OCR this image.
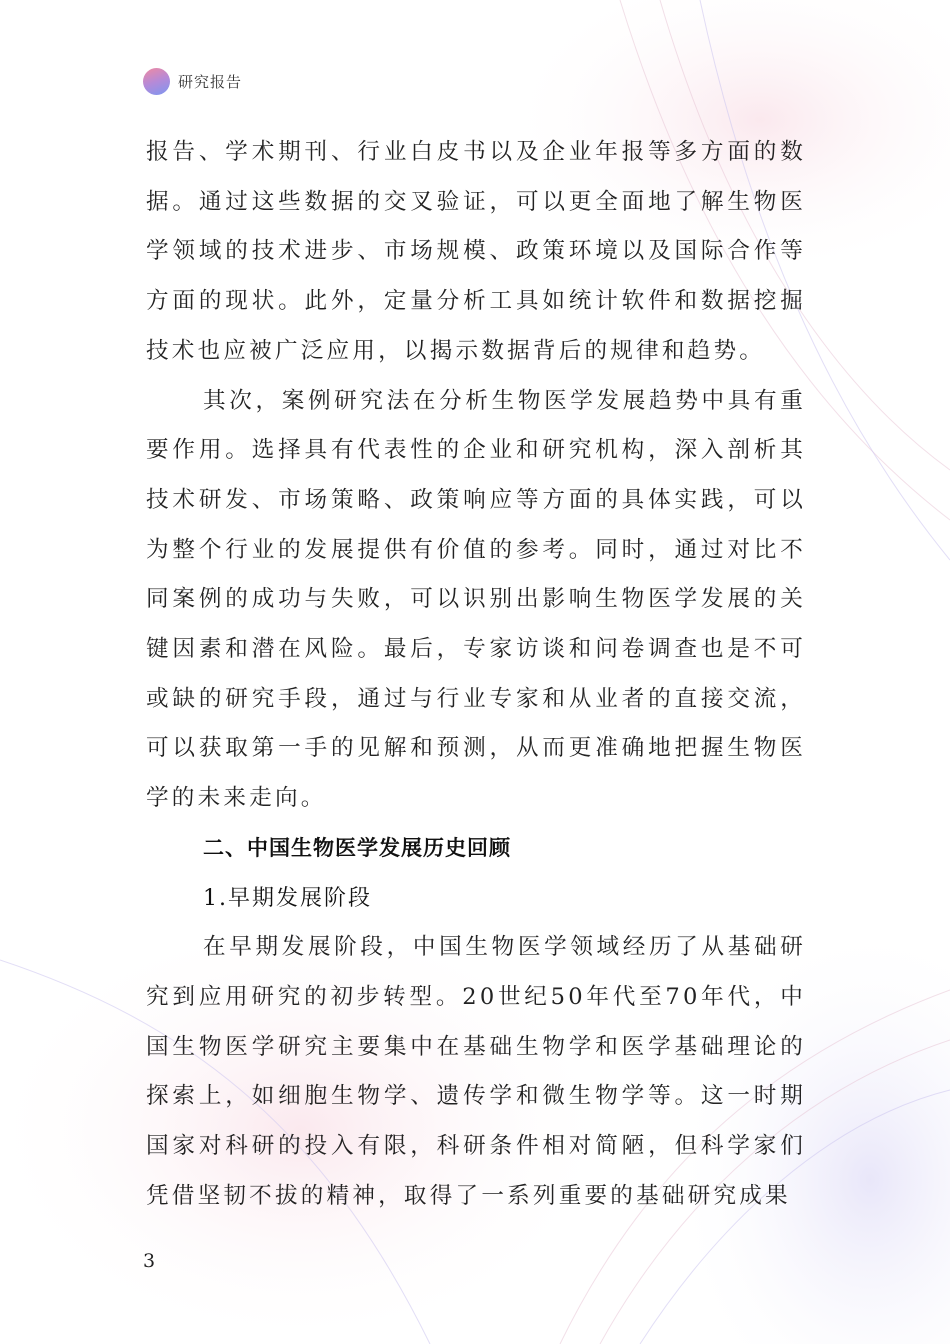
研究报告

报告、学术期刊、行业白皮书以及企业年报等多方面的数据。通过这些数据的交叉验证，可以更全面地了解生物医学领域的技术进步、市场规模、政策环境以及国际合作等方面的现状。此外，定量分析工具如统计软件和数据挖掘技术也应被广泛应用，以揭示数据背后的规律和趋势。

其次，案例研究法在分析生物医学发展趋势中具有重要作用。选择具有代表性的企业和研究机构，深入剖析其技术研发、市场策略、政策响应等方面的具体实践，可以为整个行业的发展提供有价值的参考。同时，通过对比不同案例的成功与失败，可以识别出影响生物医学发展的关键因素和潜在风险。最后，专家访谈和问卷调查也是不可或缺的研究手段，通过与行业专家和从业者的直接交流，可以获取第一手的见解和预测，从而更准确地把握生物医学的未来走向。

二、中国生物医学发展历史回顾

1.早期发展阶段

在早期发展阶段，中国生物医学领域经历了从基础研究到应用研究的初步转型。20世纪50年代至70年代，中国生物医学研究主要集中在基础生物学和医学基础理论的探索上，如细胞生物学、遗传学和微生物学等。这一时期国家对科研的投入有限，科研条件相对简陋，但科学家们凭借坚韧不拔的精神，取得了一系列重要的基础研究成果

3
